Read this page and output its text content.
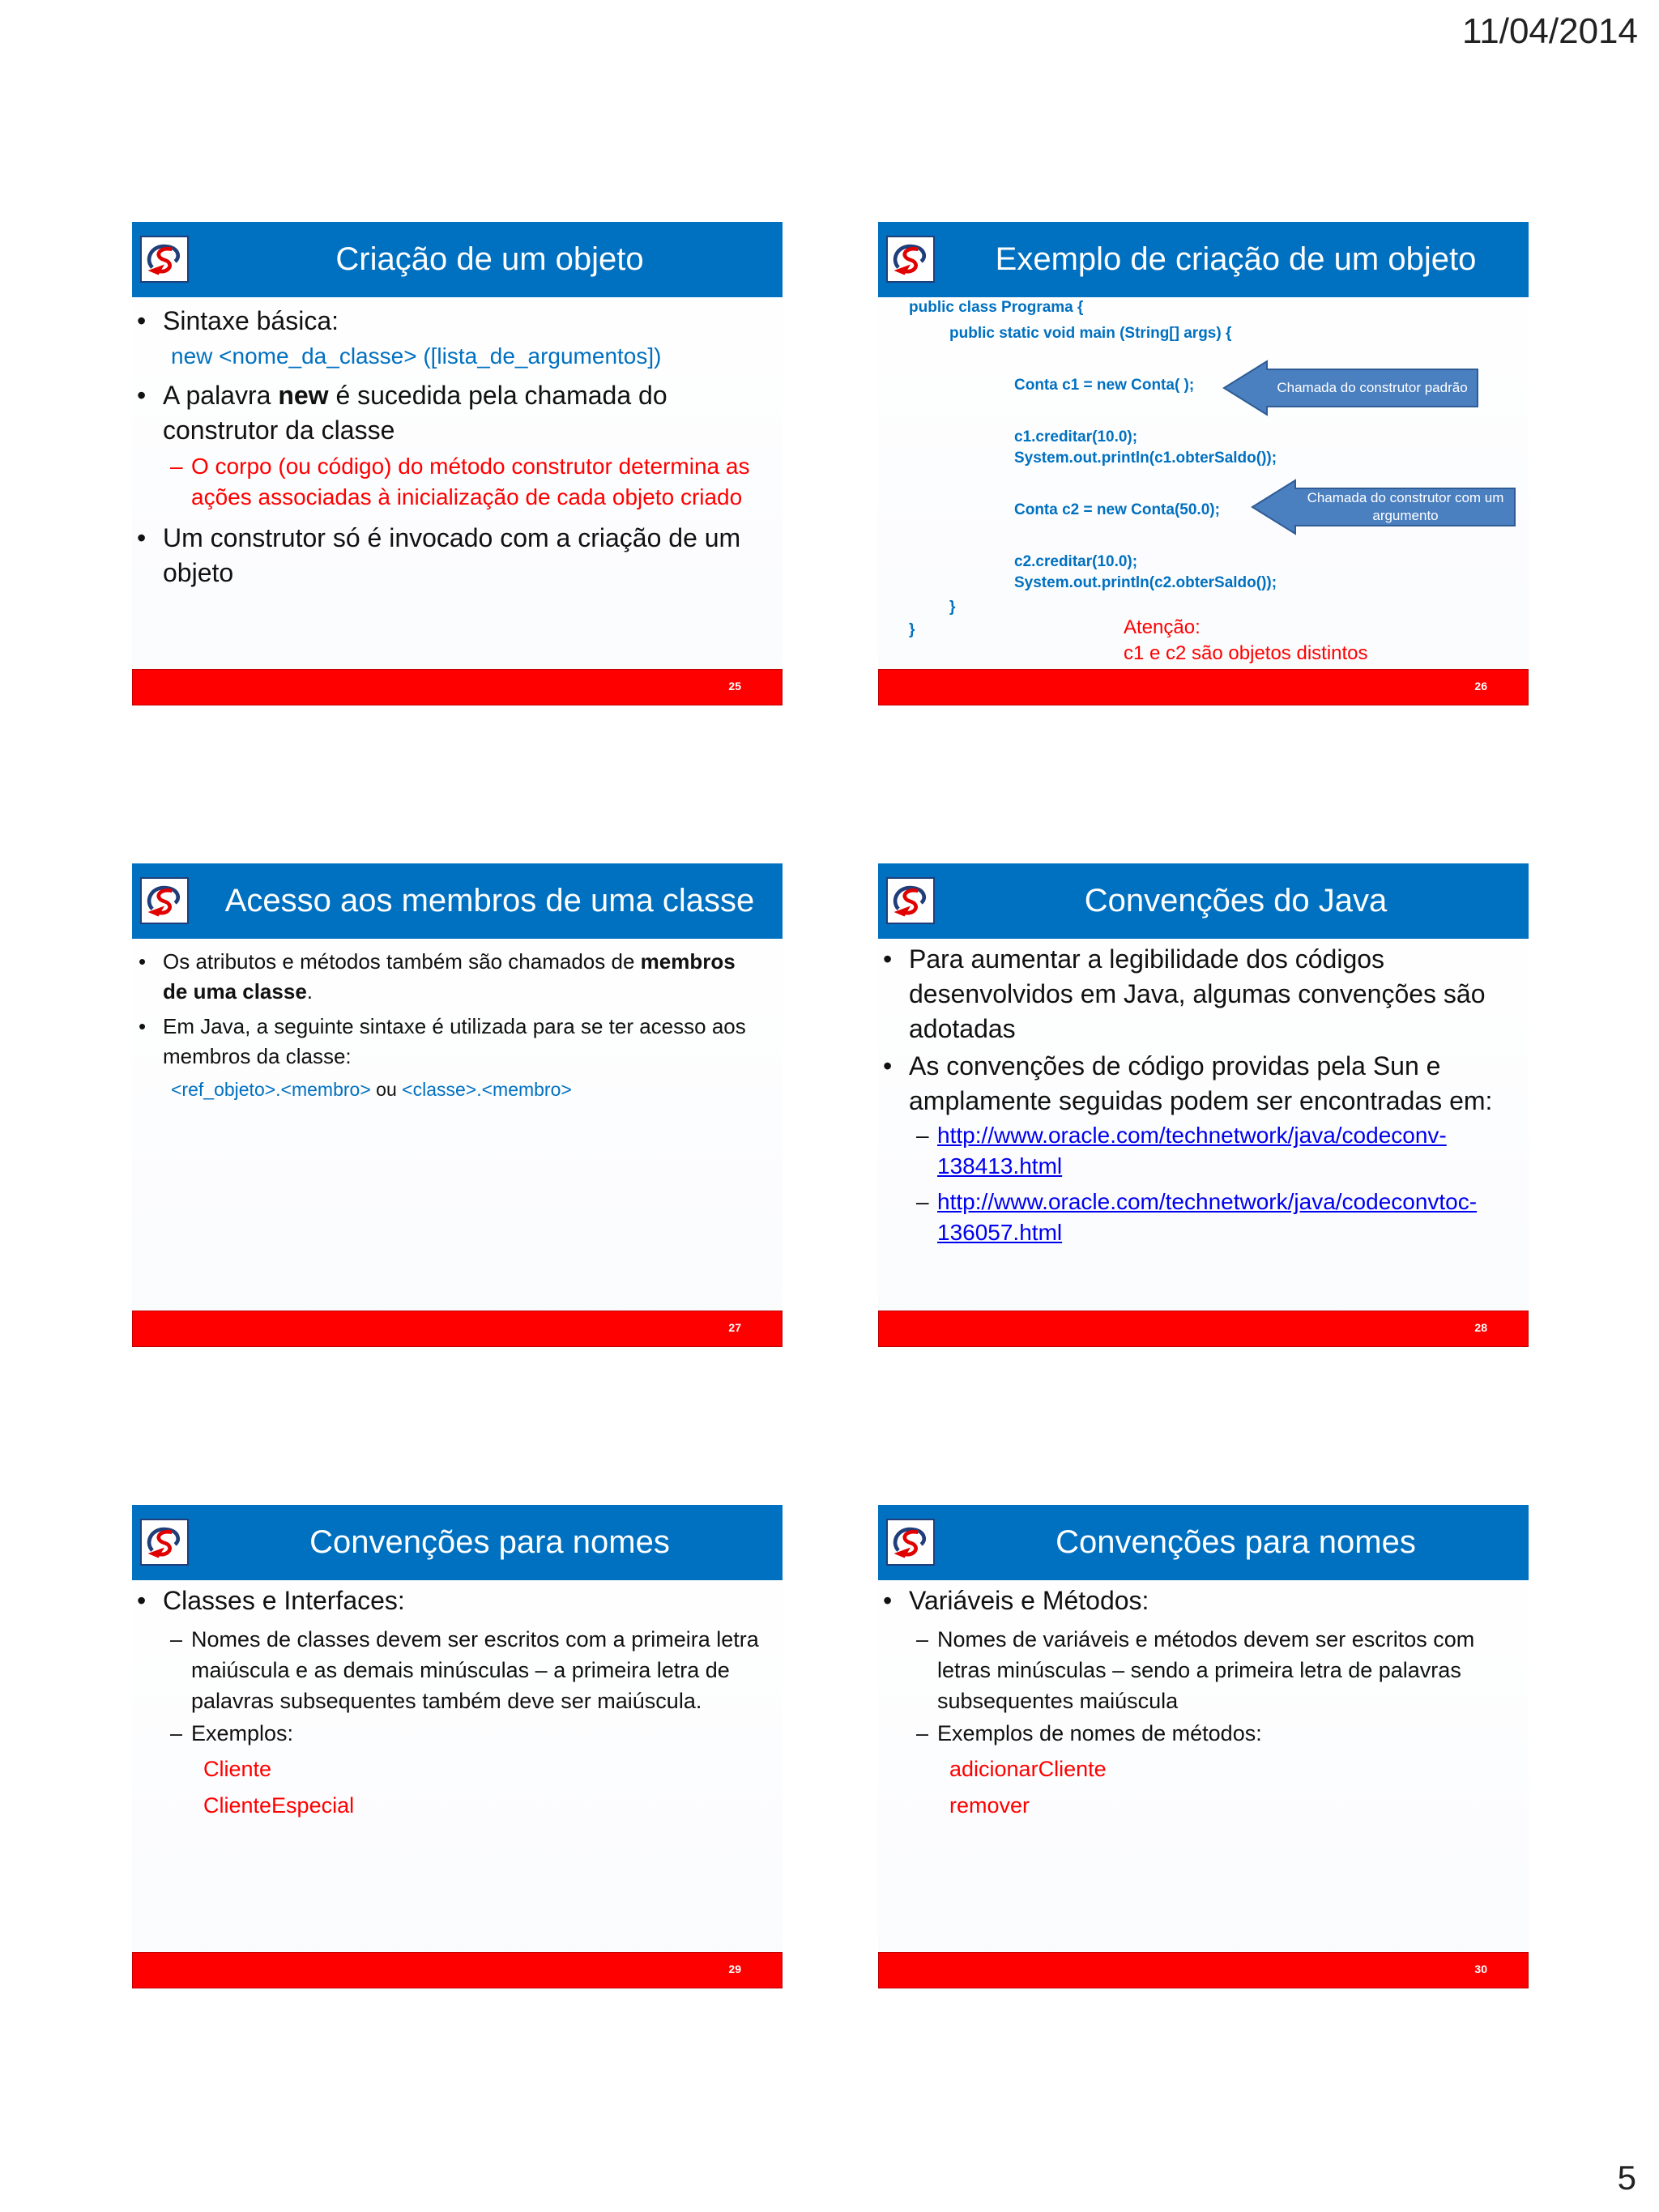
11/04/2014
Criação de um objeto
• Sintaxe básica:
new <nome_da_classe> ([lista_de_argumentos])
• A palavra new é sucedida pela chamada do construtor da classe
– O corpo (ou código) do método construtor determina as ações associadas à inicialização de cada objeto criado
• Um construtor só é invocado com a criação de um objeto
25
Exemplo de criação de um objeto
public class Programa {
public static void main (String[] args) {
Conta c1 = new Conta( );
c1.creditar(10.0);
System.out.println(c1.obterSaldo());
Conta c2 = new Conta(50.0);
c2.creditar(10.0);
System.out.println(c2.obterSaldo());
}
}
Chamada do construtor padrão
Chamada do construtor com um argumento
Atenção:
c1 e c2 são objetos distintos
26
Acesso aos membros de uma classe
• Os atributos e métodos também são chamados de membros de uma classe.
• Em Java, a seguinte sintaxe é utilizada para se ter acesso aos membros da classe:
<ref_objeto>.<membro> ou <classe>.<membro>
27
Convenções do Java
• Para aumentar a legibilidade dos códigos desenvolvidos em Java, algumas convenções são adotadas
• As convenções de código providas pela Sun e amplamente seguidas podem ser encontradas em:
– http://www.oracle.com/technetwork/java/codeconv-
138413.html
– http://www.oracle.com/technetwork/java/codeconvtoc-
136057.html
28
Convenções para nomes
• Classes e Interfaces:
– Nomes de classes devem ser escritos com a primeira letra maiúscula e as demais minúsculas – a primeira letra de palavras subsequentes também deve ser maiúscula.
– Exemplos:
Cliente
ClienteEspecial
29
Convenções para nomes
• Variáveis e Métodos:
– Nomes de variáveis e métodos devem ser escritos com letras minúsculas – sendo a primeira letra de palavras subsequentes maiúscula
– Exemplos de nomes de métodos:
adicionarCliente
remover
30
5
